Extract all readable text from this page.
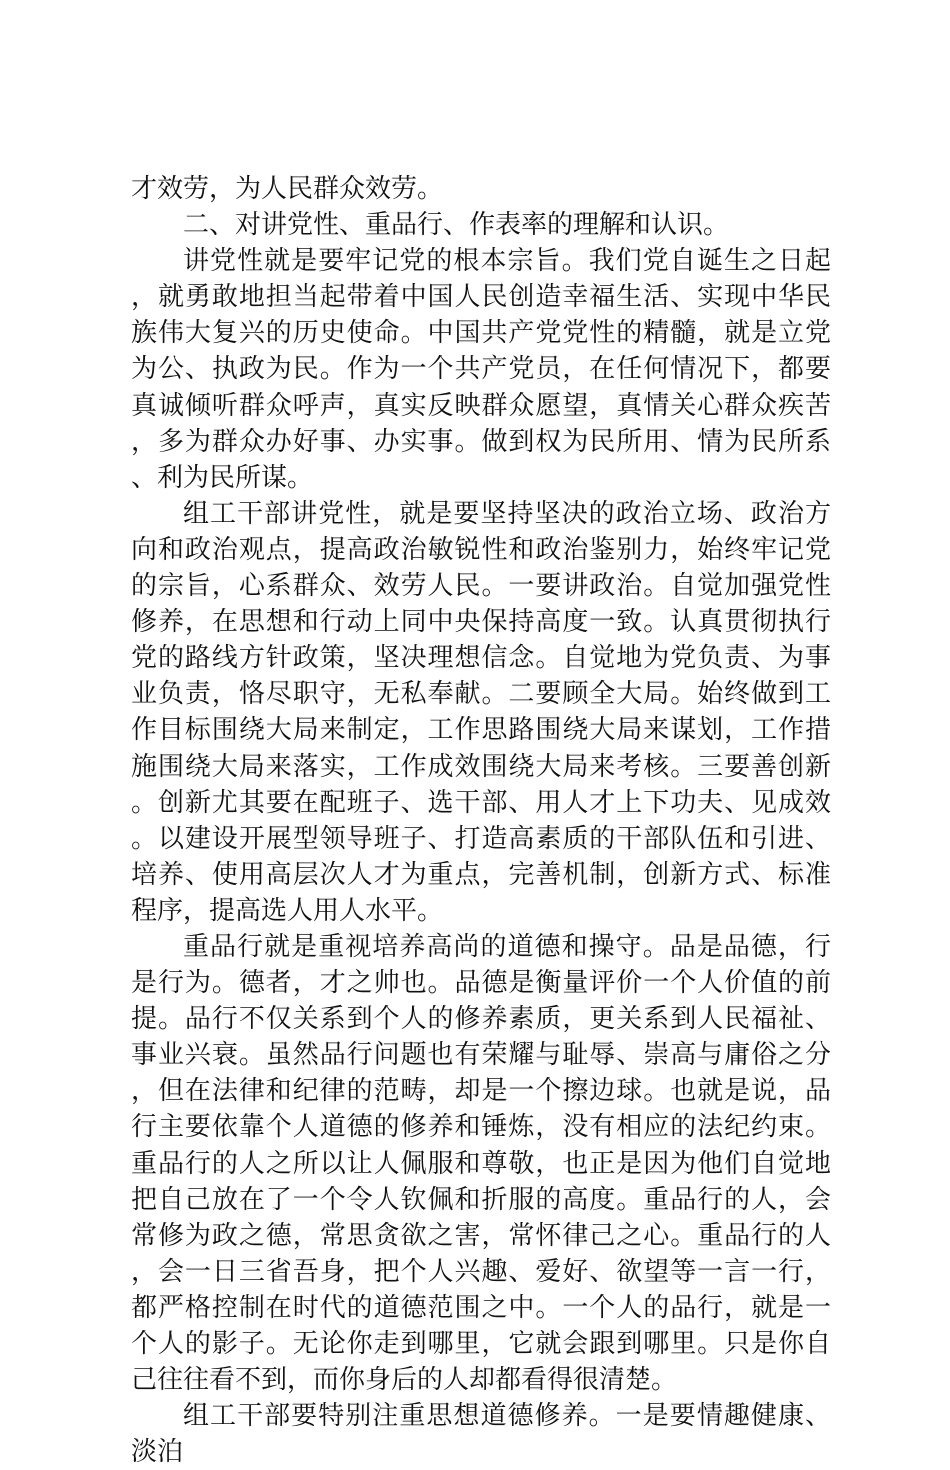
才效劳，为人民群众效劳。

二、对讲党性、重品行、作表率的理解和认识。

讲党性就是要牢记党的根本宗旨。我们党自诞生之日起，就勇敢地担当起带着中国人民创造幸福生活、实现中华民族伟大复兴的历史使命。中国共产党党性的精髓，就是立党为公、执政为民。作为一个共产党员，在任何情况下，都要真诚倾听群众呼声，真实反映群众愿望，真情关心群众疾苦，多为群众办好事、办实事。做到权为民所用、情为民所系、利为民所谋。

组工干部讲党性，就是要坚持坚决的政治立场、政治方向和政治观点，提高政治敏锐性和政治鉴别力，始终牢记党的宗旨，心系群众、效劳人民。一要讲政治。自觉加强党性修养，在思想和行动上同中央保持高度一致。认真贯彻执行党的路线方针政策，坚决理想信念。自觉地为党负责、为事业负责，恪尽职守，无私奉献。二要顾全大局。始终做到工作目标围绕大局来制定，工作思路围绕大局来谋划，工作措施围绕大局来落实，工作成效围绕大局来考核。三要善创新。创新尤其要在配班子、选干部、用人才上下功夫、见成效。以建设开展型领导班子、打造高素质的干部队伍和引进、培养、使用高层次人才为重点，完善机制，创新方式、标准程序，提高选人用人水平。

重品行就是重视培养高尚的道德和操守。品是品德，行是行为。德者，才之帅也。品德是衡量评价一个人价值的前提。品行不仅关系到个人的修养素质，更关系到人民福祉、事业兴衰。虽然品行问题也有荣耀与耻辱、崇高与庸俗之分，但在法律和纪律的范畴，却是一个擦边球。也就是说，品行主要依靠个人道德的修养和锤炼，没有相应的法纪约束。重品行的人之所以让人佩服和尊敬，也正是因为他们自觉地把自己放在了一个令人钦佩和折服的高度。重品行的人，会常修为政之德，常思贪欲之害，常怀律己之心。重品行的人，会一日三省吾身，把个人兴趣、爱好、欲望等一言一行，都严格控制在时代的道德范围之中。一个人的品行，就是一个人的影子。无论你走到哪里，它就会跟到哪里。只是你自己往往看不到，而你身后的人却都看得很清楚。

组工干部要特别注重思想道德修养。一是要情趣健康、淡泊
